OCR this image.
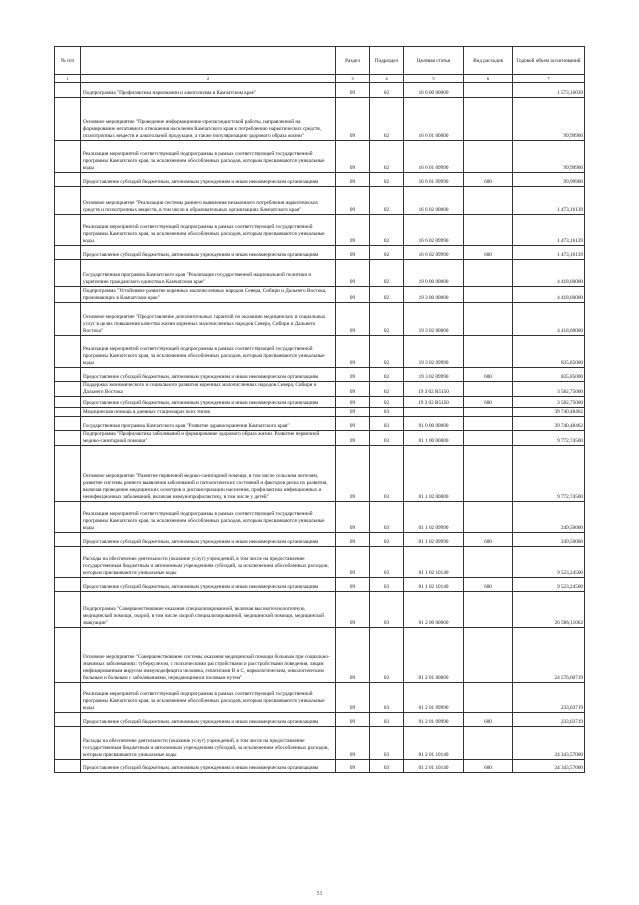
№ п/п		Раздел	Подраздел	Целевая статья	Вид расходов	Годовой объем ассигнований
1	2	3	4	5	6	7
	Подпрограмма "Профилактика наркомании и алкоголизма в Камчатском крае"	09	02	16 6 00 00000		1 573,16039
	Основное мероприятие "Проведение информационно-пропагандистской работы, направленной на формирование негативного отношения населения Камчатского края к потреблению наркотических средств, психотропных веществ и алкогольной продукции, а также популяризацию здорового образа жизни"	09	02	16 6 01 00000		99,99900
	Реализация мероприятий соответствующей подпрограммы в рамках соответствующей государственной программы Камчатского края, за исключением обособленных расходов, которым присваиваются уникальные коды	09	02	16 6 01 09990		99,99900
	Предоставление субсидий бюджетным, автономным учреждениям и иным некоммерческим организациям	09	02	16 6 01 09990	600	99,99900
	Основное мероприятие "Реализация системы раннего выявления незаконного потребления наркотических средств и психотропных веществ, в том числе в образовательных организациях Камчатского края"	09	02	16 6 02 00000		1 473,16139
	Реализация мероприятий соответствующей подпрограммы в рамках соответствующей государственной программы Камчатского края, за исключением обособленных расходов, которым присваиваются уникальные коды	09	02	16 6 02 09990		1 473,16139
	Предоставление субсидий бюджетным, автономным учреждениям и иным некоммерческим организациям	09	02	16 6 02 09990	600	1 473,16139
	Государственная программа Камчатского края "Реализация государственной национальной политики и укрепление гражданского единства в Камчатском крае"	09	02	19 0 00 00000		4 418,60000
	Подпрограмма "Устойчивое развитие коренных малочисленных народов Севера, Сибири и Дальнего Востока, проживающих в Камчатском крае"	09	02	19 3 00 00000		4 418,60000
	Основное мероприятие "Предоставление дополнительных гарантий по оказанию медицинских и социальных услуг в целях повышения качества жизни коренных малочисленных народов Севера, Сибири и Дальнего Востока"	09	02	19 3 02 00000		4 418,60000
	Реализация мероприятий соответствующей подпрограммы в рамках соответствующей государственной программы Камчатского края, за исключением обособленных расходов, которым присваиваются уникальные коды	09	02	19 3 02 09990		835,85000
	Предоставление субсидий бюджетным, автономным учреждениям и иным некоммерческим организациям	09	02	19 3 02 09990	600	835,85000
	Поддержка экономического и социального развития коренных малочисленных народов Севера, Сибири и Дальнего Востока	09	02	19 3 02 R5150		3 582,75000
	Предоставление субсидий бюджетным, автономным учреждениям и иным некоммерческим организациям	09	02	19 3 02 R5150	600	3 582,75000
	Медицинская помощь в дневных стационарах всех типов	09	03			39 740,48462
	Государственная программа Камчатского края "Развитие здравоохранения Камчатского края"	09	03	01 0 00 00000		39 740,48462
	Подпрограмма "Профилактика заболеваний и формирование здорового образа жизни. Развитие первичной медико-санитарной помощи"	09	03	01 1 00 00000		9 772,74500
	Основное мероприятие "Развитие первичной медико-санитарной помощи, в том числе сельским жителям, развитие системы раннего выявления заболеваний и патологических состояний и факторов риска их развития, включая проведение медицинских осмотров и диспансеризации населения, профилактика инфекционных и неинфекционных заболеваний, включая иммунопрофилактику, в том числе у детей"	09	03	01 1 02 00000		9 772,74500
	Реализация мероприятий соответствующей подпрограммы в рамках соответствующей государственной программы Камчатского края, за исключением обособленных расходов, которым присваиваются уникальные коды	09	03	01 1 02 09990		249,50000
	Предоставление субсидий бюджетным, автономным учреждениям и иным некоммерческим организациям	09	03	01 1 02 09990	600	249,50000
	Расходы на обеспечение деятельности (оказание услуг) учреждений, в том числе на предоставление государственным бюджетным и автономным учреждениям субсидий, за исключением обособленных расходов, которым присваиваются уникальные коды	09	03	01 1 02 10140		9 523,24500
	Предоставление субсидий бюджетным, автономным учреждениям и иным некоммерческим организациям	09	03	01 1 02 10140	600	9 523,24500
	Подпрограмма "Совершенствование оказания специализированной, включая высокотехнологичную, медицинской помощи, скорой, в том числе скорой специализированной, медицинской помощи, медицинской эвакуации"	09	03	01 2 00 00000		26 506,11062
	Основное мероприятие "Совершенствование системы оказания медицинской помощи больным при социально-значимых заболеваниях: туберкулезом, с психическими расстройствами и расстройствами поведения, лицам инфицированным вирусом иммунодефицита человека, гепатитами В и С, наркологическим, онкологическим больным и больным с заболеваниями, передающимися половым путем"	09	03	01 2 01 00000		24 576,60719
	Реализация мероприятий соответствующей подпрограммы в рамках соответствующей государственной программы Камчатского края, за исключением обособленных расходов, которым присваиваются уникальные коды	09	03	01 2 01 09990		233,03719
	Предоставление субсидий бюджетным, автономным учреждениям и иным некоммерческим организациям	09	03	01 2 01 09990	600	233,03719
	Расходы на обеспечение деятельности (оказание услуг) учреждений, в том числе на предоставление государственным бюджетным и автономным учреждениям субсидий, за исключением обособленных расходов, которым присваиваются уникальные коды	09	03	01 2 01 10140		24 343,57000
	Предоставление субсидий бюджетным, автономным учреждениям и иным некоммерческим организациям	09	03	01 2 01 10140	600	24 343,57000
51
